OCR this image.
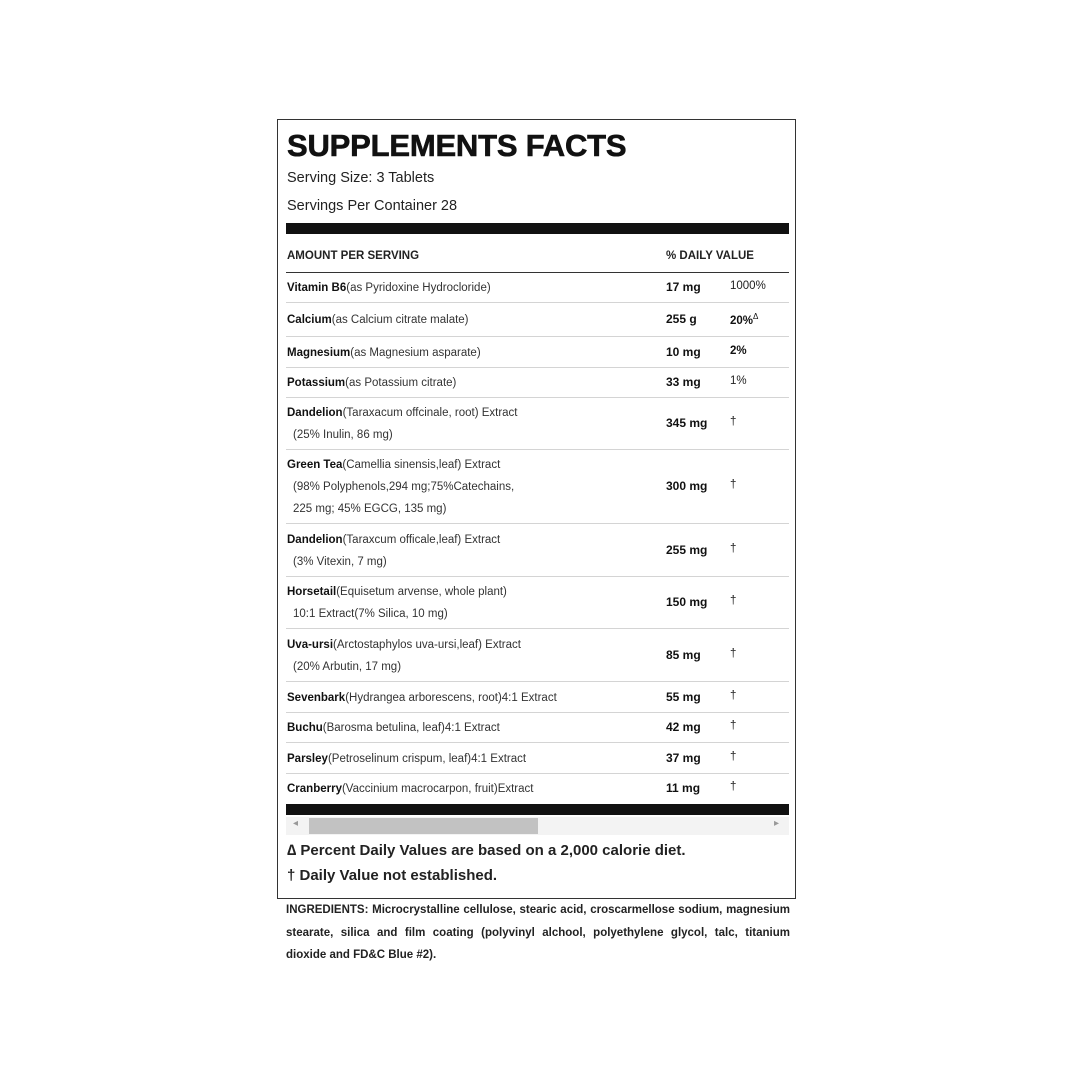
SUPPLEMENTS FACTS
Serving Size: 3 Tablets
Servings Per Container 28
AMOUNT PER SERVING	% DAILY VALUE
Vitamin B6(as Pyridoxine Hydrocloride)	17 mg	1000%
Calcium(as Calcium citrate malate)	255 g	20%$^\Delta$
Magnesium(as Magnesium asparate)	10 mg	2%
Potassium(as Potassium citrate)	33 mg	1%
Dandelion(Taraxacum offcinale, root) Extract
(25% Inulin, 86 mg)
345 mg †
Green Tea(Camellia sinensis,leaf) Extract
(98% Polyphenols,294 mg;75%Catechains,
225 mg; 45% EGCG, 135 mg)
300 mg †
Dandelion(Taraxcum officale,leaf) Extract
(3% Vitexin, 7 mg)
255 mg †
Horsetail(Equisetum arvense, whole plant)
10:1 Extract(7% Silica, 10 mg)
150 mg †
Uva-ursi(Arctostaphylos uva-ursi,leaf) Extract
(20% Arbutin, 17 mg)
85 mg	†
Sevenbark(Hydrangea arborescens, root)4:1 Extract	55 mg	†
Buchu(Barosma betulina, leaf)4:1 Extract	42 mg	†
Parsley(Petroselinum crispum, leaf)4:1 Extract	37 mg	†
Cranberry(Vaccinium macrocarpon, fruit)Extract	11 mg	†
◂	▸
∆ Percent Daily Values are based on a 2,000 calorie diet.
† Daily Value not established.

INGREDIENTS: Microcrystalline cellulose, stearic acid, croscarmellose sodium, magnesium stearate, silica and film coating (polyvinyl alchool, polyethylene glycol, talc, titanium dioxide and FD&C Blue #2).
